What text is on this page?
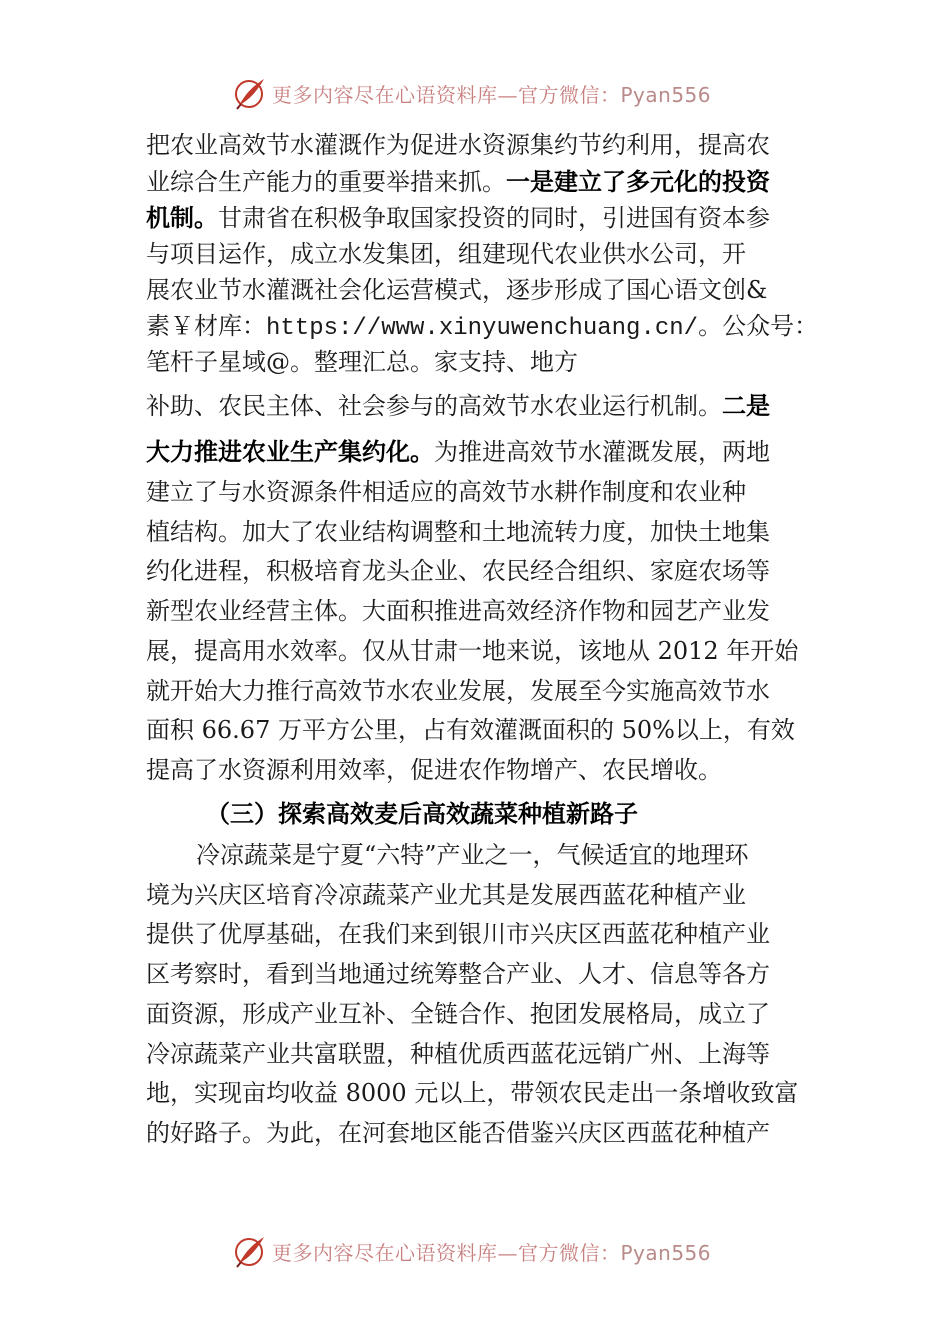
更多内容尽在心语资料库—官方微信：Pyan556
把农业高效节水灌溉作为促进水资源集约节约利用，提高农
业综合生产能力的重要举措来抓。一是建立了多元化的投资
机制。甘肃省在积极争取国家投资的同时，引进国有资本参
与项目运作，成立水发集团，组建现代农业供水公司，开
展农业节水灌溉社会化运营模式，逐步形成了国心语文创&
素￥材库：https://www.xinyuwenchuang.cn/。公众号：
笔杆子星域@。整理汇总。家支持、地方
补助、农民主体、社会参与的高效节水农业运行机制。二是
大力推进农业生产集约化。为推进高效节水灌溉发展，两地
建立了与水资源条件相适应的高效节水耕作制度和农业种
植结构。加大了农业结构调整和土地流转力度，加快土地集
约化进程，积极培育龙头企业、农民经合组织、家庭农场等
新型农业经营主体。大面积推进高效经济作物和园艺产业发
展，提高用水效率。仅从甘肃一地来说，该地从 2012 年开始
就开始大力推行高效节水农业发展，发展至今实施高效节水
面积 66.67 万平方公里，占有效灌溉面积的 50%以上，有效
提高了水资源利用效率，促进农作物增产、农民增收。
（三）探索高效麦后高效蔬菜种植新路子
冷凉蔬菜是宁夏“六特”产业之一，气候适宜的地理环
境为兴庆区培育冷凉蔬菜产业尤其是发展西蓝花种植产业
提供了优厚基础，在我们来到银川市兴庆区西蓝花种植产业
区考察时，看到当地通过统筹整合产业、人才、信息等各方
面资源，形成产业互补、全链合作、抱团发展格局，成立了
冷凉蔬菜产业共富联盟，种植优质西蓝花远销广州、上海等
地，实现亩均收益 8000 元以上，带领农民走出一条增收致富
的好路子。为此，在河套地区能否借鉴兴庆区西蓝花种植产
更多内容尽在心语资料库—官方微信：Pyan556
